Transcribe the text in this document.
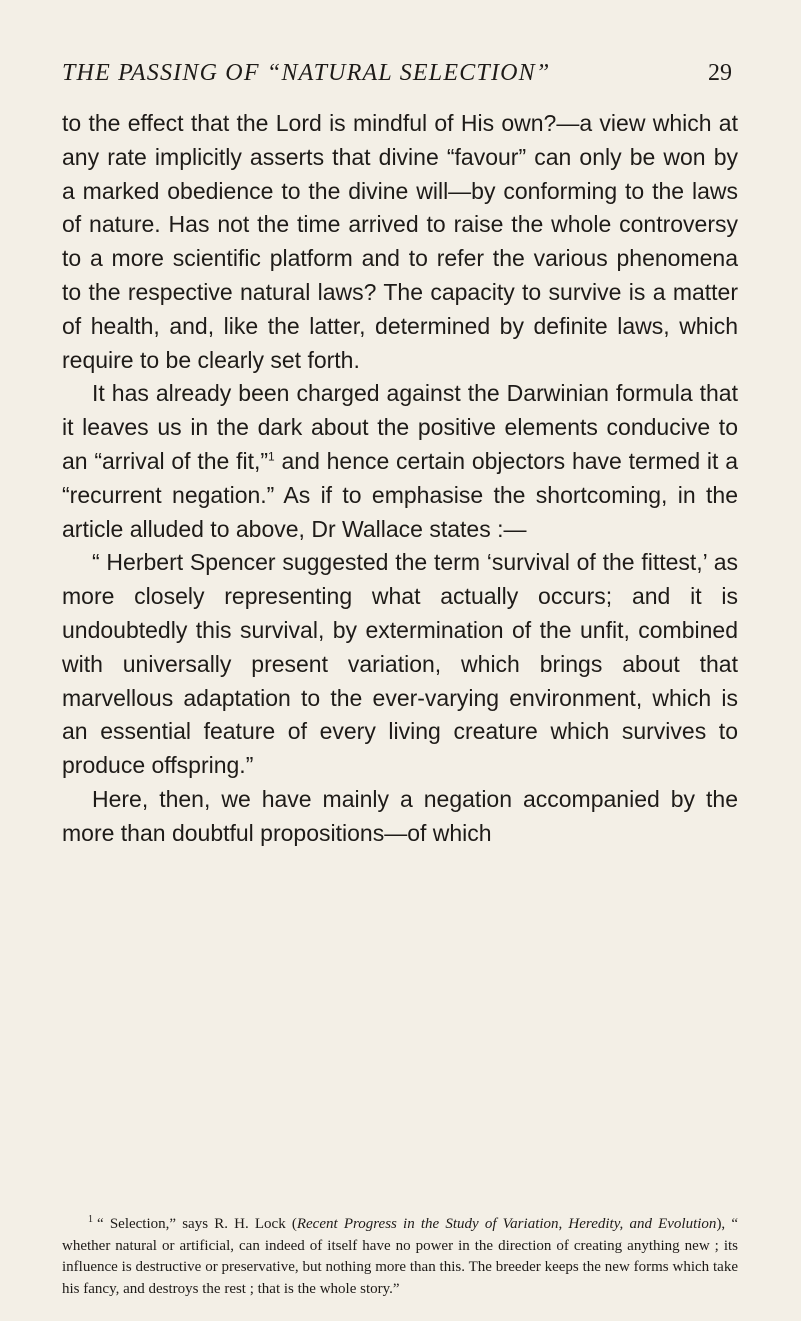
THE PASSING OF “NATURAL SELECTION”	29

to the effect that the Lord is mindful of His own?—a view which at any rate implicitly asserts that divine “favour” can only be won by a marked obedience to the divine will—by conforming to the laws of nature. Has not the time arrived to raise the whole controversy to a more scientific platform and to refer the various phenomena to the respective natural laws? The capacity to survive is a matter of health, and, like the latter, determined by definite laws, which require to be clearly set forth.

It has already been charged against the Darwinian formula that it leaves us in the dark about the positive elements conducive to an “arrival of the fit,”$^1$ and hence certain objectors have termed it a “recurrent negation.” As if to emphasise the shortcoming, in the article alluded to above, Dr Wallace states :—

“ Herbert Spencer suggested the term ‘survival of the fittest,’ as more closely representing what actually occurs; and it is undoubtedly this survival, by extermination of the unfit, combined with universally present variation, which brings about that marvellous adaptation to the ever-varying environment, which is an essential feature of every living creature which survives to produce offspring.”

Here, then, we have mainly a negation accompanied by the more than doubtful propositions—of which

$^1$ “ Selection,” says R. H. Lock (Recent Progress in the Study of Variation, Heredity, and Evolution), “ whether natural or artificial, can indeed of itself have no power in the direction of creating anything new ; its influence is destructive or preservative, but nothing more than this. The breeder keeps the new forms which take his fancy, and destroys the rest ; that is the whole story.”
